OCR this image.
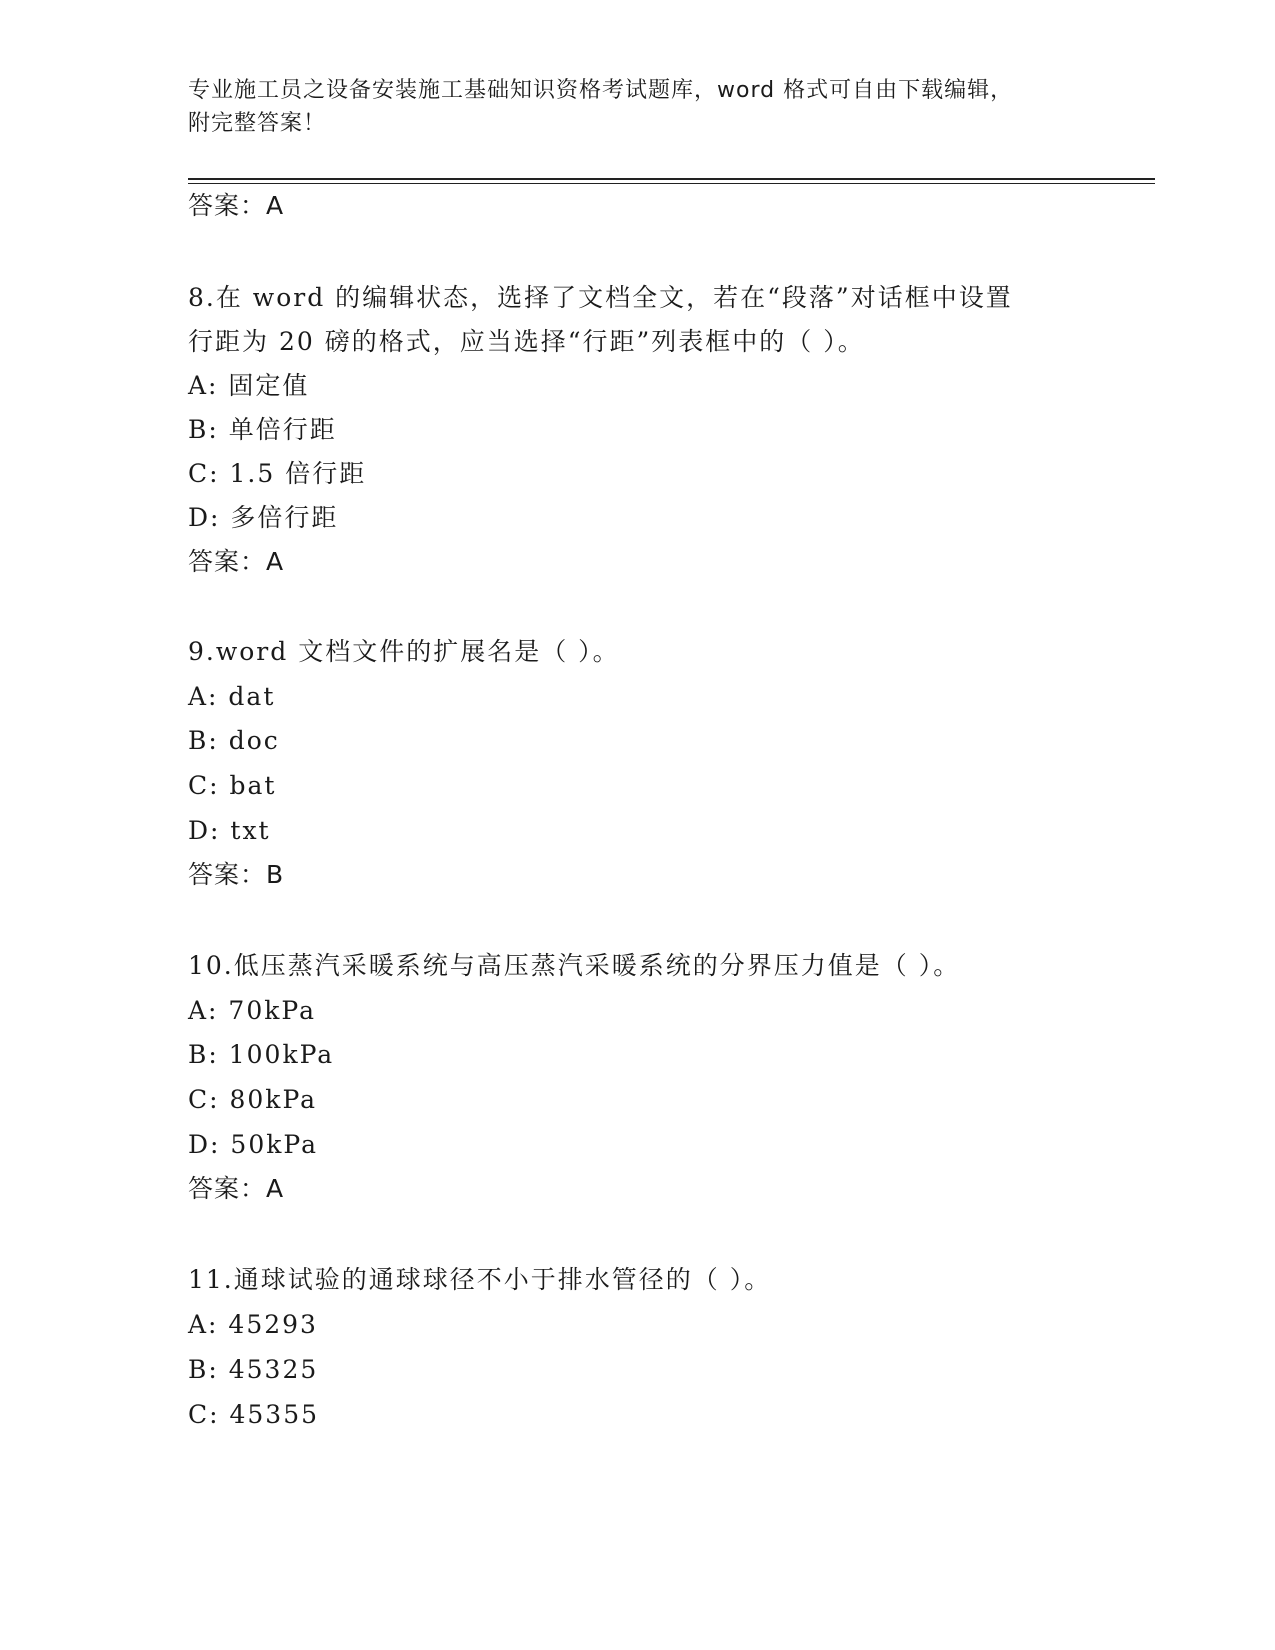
专业施工员之设备安装施工基础知识资格考试题库，word 格式可自由下载编辑，
附完整答案！
答案：A
8.在 word 的编辑状态，选择了文档全文，若在“段落”对话框中设置
行距为 20 磅的格式，应当选择“行距”列表框中的（ ）。
A: 固定值
B: 单倍行距
C: 1.5 倍行距
D: 多倍行距
答案：A
9.word 文档文件的扩展名是（ ）。
A: dat
B: doc
C: bat
D: txt
答案：B
10.低压蒸汽采暖系统与高压蒸汽采暖系统的分界压力值是（ ）。
A: 70kPa
B: 100kPa
C: 80kPa
D: 50kPa
答案：A
11.通球试验的通球球径不小于排水管径的（ ）。
A: 45293
B: 45325
C: 45355
